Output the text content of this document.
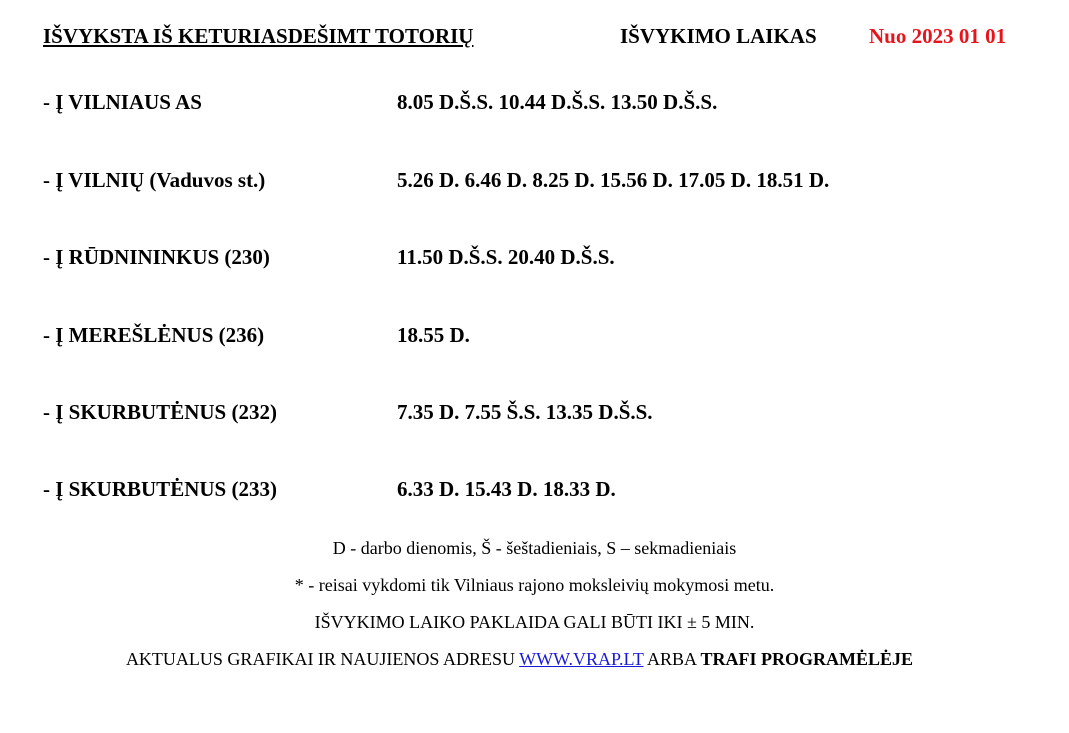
IŠVYKSTA IŠ KETURIASDEŠIMT TOTORIŲ	IŠVYKIMO LAIKAS Nuo 2023 01 01
- Į VILNIAUS AS	8.05 D.Š.S. 10.44 D.Š.S. 13.50 D.Š.S.
- Į VILNIŲ (Vaduvos st.)	5.26 D. 6.46 D. 8.25 D. 15.56 D. 17.05 D. 18.51 D.
- Į RŪDNININKUS (230)	11.50 D.Š.S. 20.40 D.Š.S.
- Į MEREŠLĖNUS (236)	18.55 D.
- Į SKURBUTĖNUS (232)	7.35 D. 7.55 Š.S. 13.35 D.Š.S.
- Į SKURBUTĖNUS (233)	6.33 D. 15.43 D. 18.33 D.
D - darbo dienomis, Š - šeštadieniais, S – sekmadieniais
* - reisai vykdomi tik Vilniaus rajono moksleivių mokymosi metu.
IŠVYKIMO LAIKO PAKLAIDA GALI BŪTI IKI ± 5 MIN.
AKTUALUS GRAFIKAI IR NAUJIENOS ADRESU WWW.VRAP.LT ARBA TRAFI PROGRAMĖLĖJE
